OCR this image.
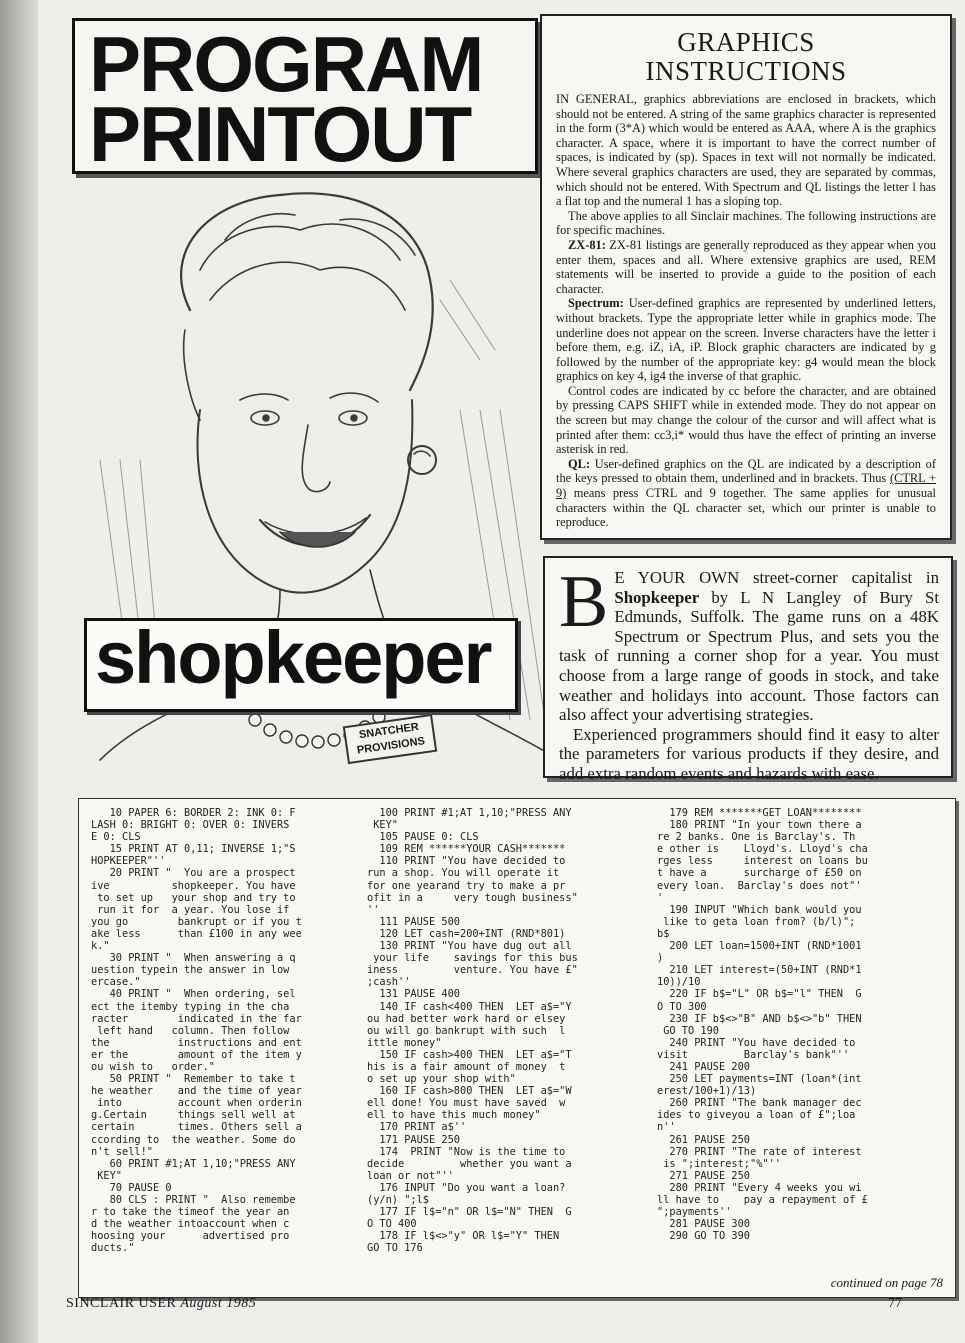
PROGRAM
PRINTOUT
shopkeeper
SNATCHER
PROVISIONS
GRAPHICS
INSTRUCTIONS

IN GENERAL, graphics abbreviations are enclosed in brackets, which should not be entered. A string of the same graphics character is represented in the form (3*A) which would be entered as AAA, where A is the graphics character. A space, where it is important to have the correct number of spaces, is indicated by (sp). Spaces in text will not normally be indicated. Where several graphics characters are used, they are separated by commas, which should not be entered. With Spectrum and QL listings the letter l has a flat top and the numeral 1 has a sloping top.

The above applies to all Sinclair machines. The following instructions are for specific machines.

ZX-81: ZX-81 listings are generally reproduced as they appear when you enter them, spaces and all. Where extensive graphics are used, REM statements will be inserted to provide a guide to the position of each character.

Spectrum: User-defined graphics are represented by underlined letters, without brackets. Type the appropriate letter while in graphics mode. The underline does not appear on the screen. Inverse characters have the letter i before them, e.g. iZ, iA, iP. Block graphic characters are indicated by g followed by the number of the appropriate key: g4 would mean the block graphics on key 4, ig4 the inverse of that graphic.

Control codes are indicated by cc before the character, and are obtained by pressing CAPS SHIFT while in extended mode. They do not appear on the screen but may change the colour of the cursor and will affect what is printed after them: cc3,i* would thus have the effect of printing an inverse asterisk in red.

QL: User-defined graphics on the QL are indicated by a description of the keys pressed to obtain them, underlined and in brackets. Thus (CTRL + 9) means press CTRL and 9 together. The same applies for unusual characters within the QL character set, which our printer is unable to reproduce.

B E YOUR OWN street-corner capitalist in Shopkeeper by L N Langley of Bury St Edmunds, Suffolk. The game runs on a 48K Spectrum or Spectrum Plus, and sets you the task of running a corner shop for a year. You must choose from a large range of goods in stock, and take weather and holidays into account. Those factors can also affect your advertising strategies.

Experienced programmers should find it easy to alter the parameters for various products if they desire, and add extra random events and hazards with ease.

10 PAPER 6: BORDER 2: INK 0: F
LASH 0: BRIGHT 0: OVER 0: INVERS
E 0: CLS
15 PRINT AT 0,11; INVERSE 1;"S
HOPKEEPER"''
20 PRINT "  You are a prospect
ive          shopkeeper. You have
to set up   your shop and try to
run it for  a year. You lose if
you go        bankrupt or if you t
ake less      than £100 in any wee
k."
30 PRINT "  When answering a q
uestion typein the answer in low
ercase."
40 PRINT "  When ordering, sel
ect the itemby typing in the cha
racter        indicated in the far
left hand   column. Then follow
the           instructions and ent
er the        amount of the item y
ou wish to   order."
50 PRINT "  Remember to take t
he weather    and the time of year
into         account when orderin
g.Certain     things sell well at
certain       times. Others sell a
ccording to  the weather. Some do
n't sell!"
60 PRINT #1;AT 1,10;"PRESS ANY
KEY"
70 PAUSE 0
80 CLS : PRINT "  Also remembe
r to take the timeof the year an
d the weather intoaccount when c
hoosing your      advertised pro
ducts."
100 PRINT #1;AT 1,10;"PRESS ANY
KEY"
105 PAUSE 0: CLS
109 REM ******YOUR CASH*******
110 PRINT "You have decided to
run a shop. You will operate it
for one yearand try to make a pr
ofit in a     very tough business"
''
111 PAUSE 500
120 LET cash=200+INT (RND*801)
130 PRINT "You have dug out all
your life    savings for this bus
iness         venture. You have £"
;cash''
131 PAUSE 400
140 IF cash<400 THEN  LET a$="Y
ou had better work hard or elsey
ou will go bankrupt with such  l
ittle money"
150 IF cash>400 THEN  LET a$="T
his is a fair amount of money  t
o set up your shop with"
160 IF cash>800 THEN  LET a$="W
ell done! You must have saved  w
ell to have this much money"
170 PRINT a$''
171 PAUSE 250
174  PRINT "Now is the time to
decide         whether you want a
loan or not"''
176 INPUT "Do you want a loan?
(y/n) ";l$
177 IF l$="n" OR l$="N" THEN  G
O TO 400
178 IF l$<>"y" OR l$="Y" THEN
GO TO 176
179 REM *******GET LOAN********
180 PRINT "In your town there a
re 2 banks. One is Barclay's. Th
e other is    Lloyd's. Lloyd's cha
rges less     interest on loans bu
t have a      surcharge of £50 on
every loan.  Barclay's does not"'
'
190 INPUT "Which bank would you
like to geta loan from? (b/l)";
b$
200 LET loan=1500+INT (RND*1001
)
210 LET interest=(50+INT (RND*1
10))/10
220 IF b$="L" OR b$="l" THEN  G
O TO 300
230 IF b$<>"B" AND b$<>"b" THEN
GO TO 190
240 PRINT "You have decided to
visit         Barclay's bank"''
241 PAUSE 200
250 LET payments=INT (loan*(int
erest/100+1)/13)
260 PRINT "The bank manager dec
ides to giveyou a loan of £";loa
n''
261 PAUSE 250
270 PRINT "The rate of interest
is ";interest;"%"''
271 PAUSE 250
280 PRINT "Every 4 weeks you wi
ll have to    pay a repayment of £
";payments''
281 PAUSE 300
290 GO TO 390
continued on page 78
SINCLAIR USER August 1985	77
